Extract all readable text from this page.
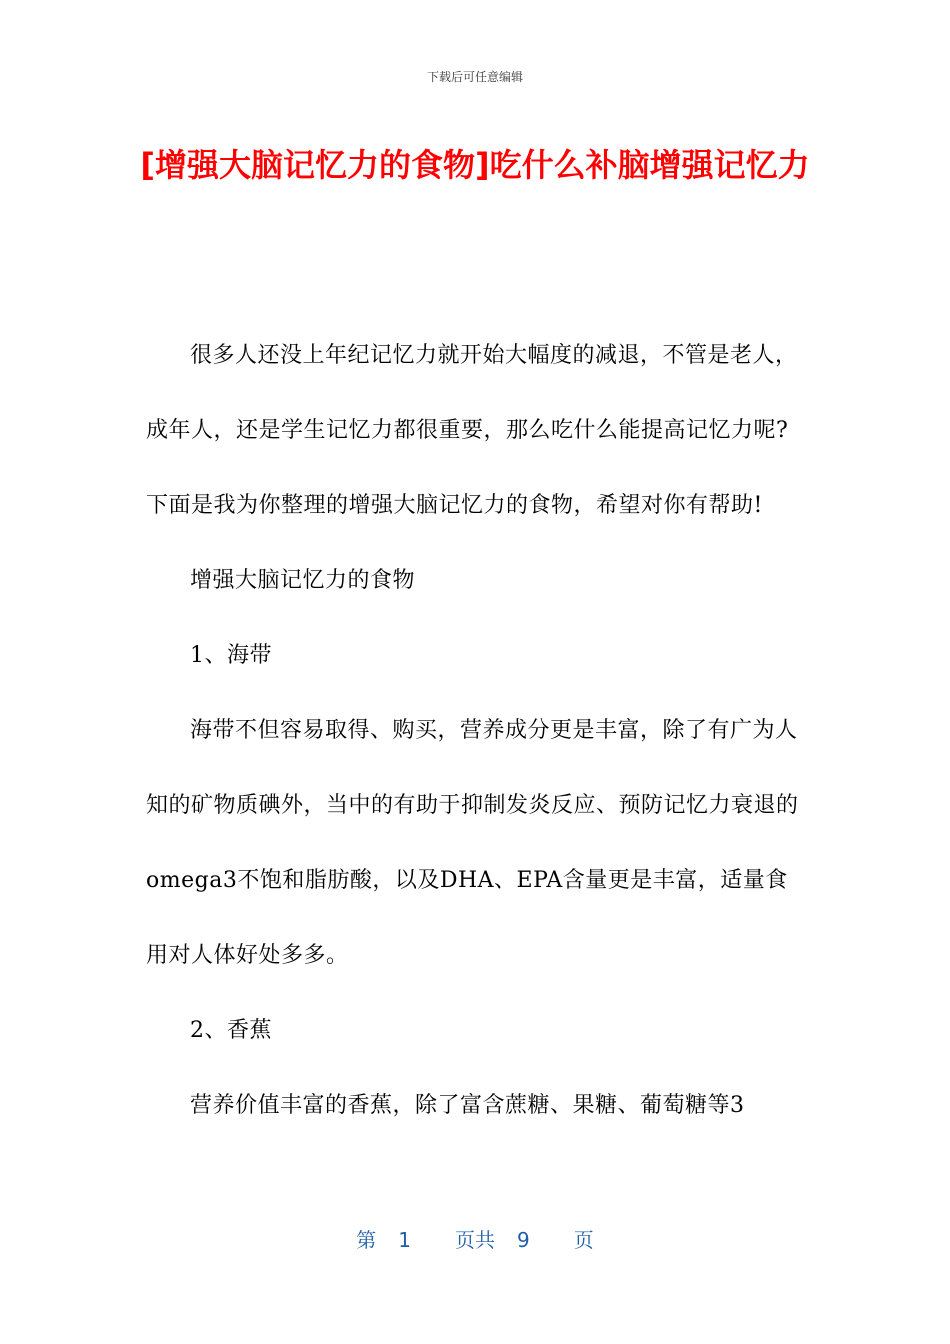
下载后可任意编辑
[增强大脑记忆力的食物]吃什么补脑增强记忆力

很多人还没上年纪记忆力就开始大幅度的减退，不管是老人，成年人，还是学生记忆力都很重要，那么吃什么能提高记忆力呢?下面是我为你整理的增强大脑记忆力的食物，希望对你有帮助!

增强大脑记忆力的食物

1、海带

海带不但容易取得、购买，营养成分更是丰富，除了有广为人知的矿物质碘外，当中的有助于抑制发炎反应、预防记忆力衰退的omega3不饱和脂肪酸，以及DHA、EPA含量更是丰富，适量食用对人体好处多多。

2、香蕉

营养价值丰富的香蕉，除了富含蔗糖、果糖、葡萄糖等3

第 1 页共 9 页
